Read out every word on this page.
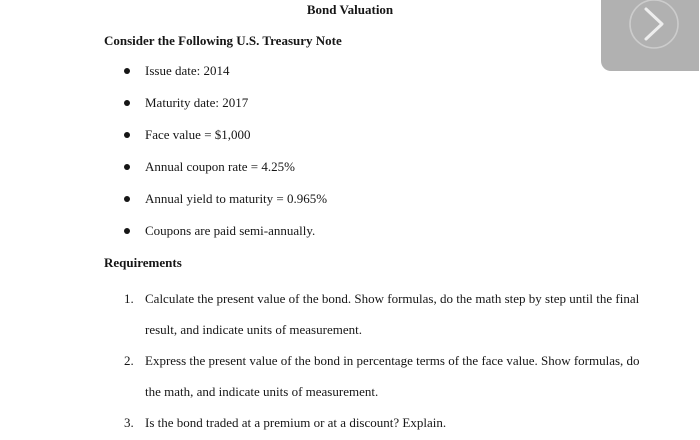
Bond Valuation
Consider the Following U.S. Treasury Note
Issue date: 2014
Maturity date: 2017
Face value = $1,000
Annual coupon rate = 4.25%
Annual yield to maturity = 0.965%
Coupons are paid semi-annually.
Requirements
1. Calculate the present value of the bond. Show formulas, do the math step by step until the final result, and indicate units of measurement.
2. Express the present value of the bond in percentage terms of the face value. Show formulas, do the math, and indicate units of measurement.
3. Is the bond traded at a premium or at a discount? Explain.
